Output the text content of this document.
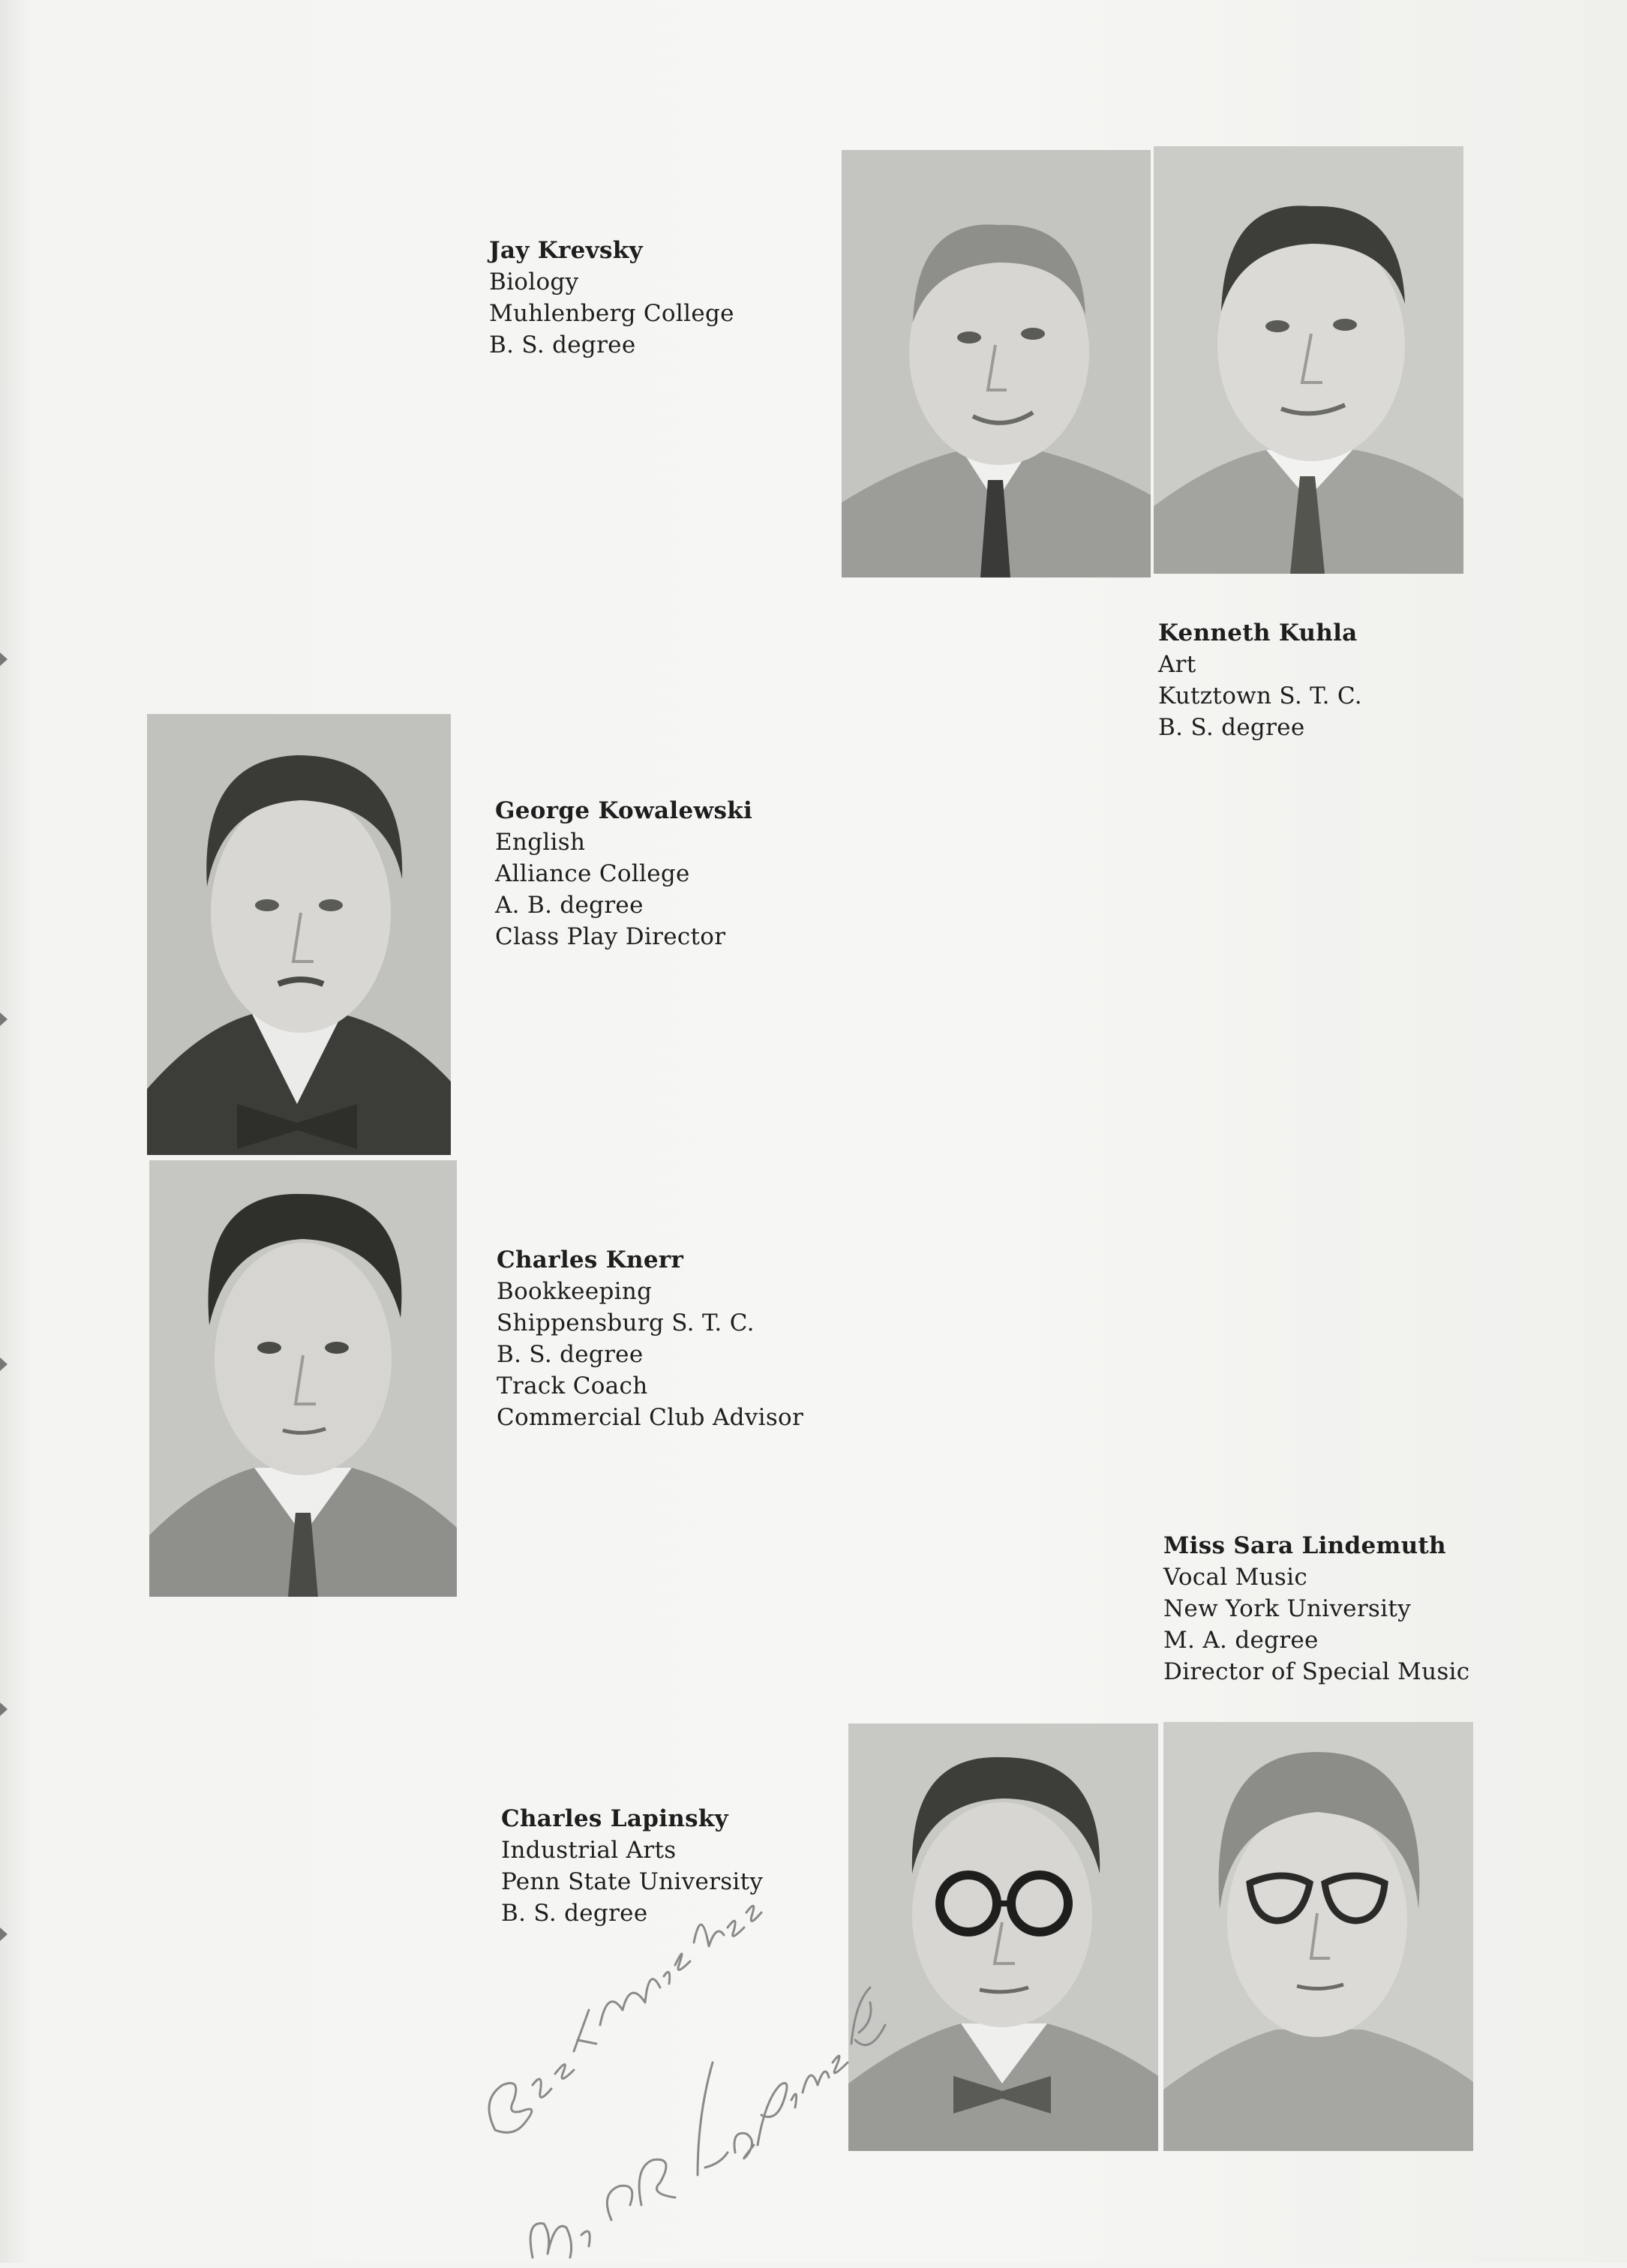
Jay Krevsky
Biology
Muhlenberg College
B. S. degree
Kenneth Kuhla
Art
Kutztown S. T. C.
B. S. degree
George Kowalewski
English
Alliance College
A. B. degree
Class Play Director
Charles Knerr
Bookkeeping
Shippensburg S. T. C.
B. S. degree
Track Coach
Commercial Club Advisor
Miss Sara Lindemuth
Vocal Music
New York University
M. A. degree
Director of Special Music
Charles Lapinsky
Industrial Arts
Penn State University
B. S. degree
